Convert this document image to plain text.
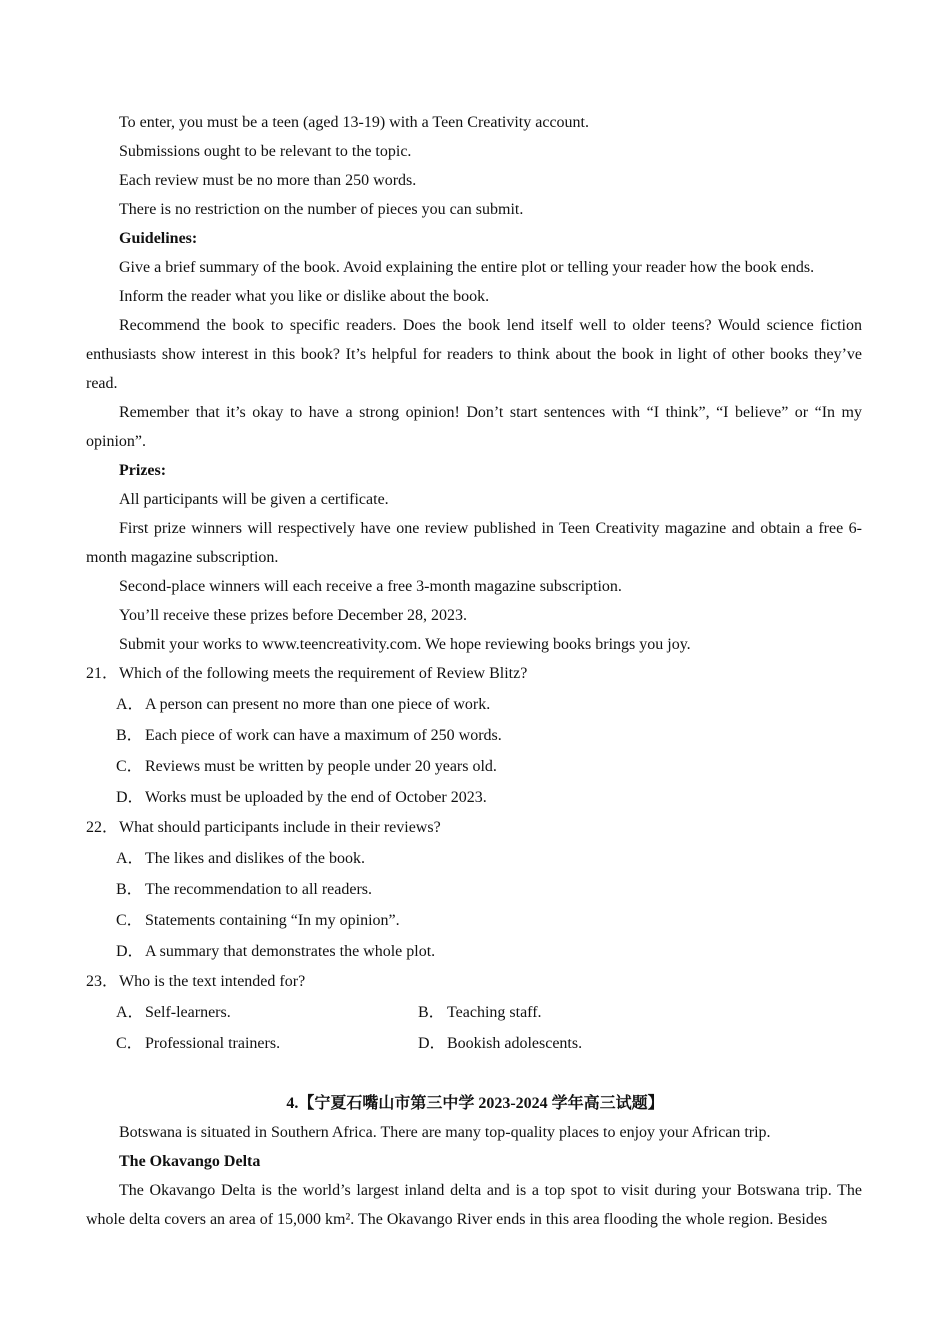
To enter, you must be a teen (aged 13-19) with a Teen Creativity account.
Submissions ought to be relevant to the topic.
Each review must be no more than 250 words.
There is no restriction on the number of pieces you can submit.
Guidelines:
Give a brief summary of the book. Avoid explaining the entire plot or telling your reader how the book ends.
Inform the reader what you like or dislike about the book.
Recommend the book to specific readers. Does the book lend itself well to older teens? Would science fiction enthusiasts show interest in this book? It’s helpful for readers to think about the book in light of other books they’ve read.
Remember that it’s okay to have a strong opinion! Don’t start sentences with “I think”, “I believe” or “In my opinion”.
Prizes:
All participants will be given a certificate.
First prize winners will respectively have one review published in Teen Creativity magazine and obtain a free 6-month magazine subscription.
Second-place winners will each receive a free 3-month magazine subscription.
You’ll receive these prizes before December 28, 2023.
Submit your works to www.teencreativity.com. We hope reviewing books brings you joy.
21．Which of the following meets the requirement of Review Blitz?
A．A person can present no more than one piece of work.
B． Each piece of work can have a maximum of 250 words.
C． Reviews must be written by people under 20 years old.
D．Works must be uploaded by the end of October 2023.
22．What should participants include in their reviews?
A．The likes and dislikes of the book.
B． The recommendation to all readers.
C． Statements containing “In my opinion”.
D．A summary that demonstrates the whole plot.
23．Who is the text intended for?
A．Self-learners.	B． Teaching staff.
C． Professional trainers.	D．Bookish adolescents.
4.【宁夏石嘴山市第三中学 2023-2024 学年高三试题】
Botswana is situated in Southern Africa. There are many top-quality places to enjoy your African trip.
The Okavango Delta
The Okavango Delta is the world’s largest inland delta and is a top spot to visit during your Botswana trip. The whole delta covers an area of 15,000 km². The Okavango River ends in this area flooding the whole region. Besides
